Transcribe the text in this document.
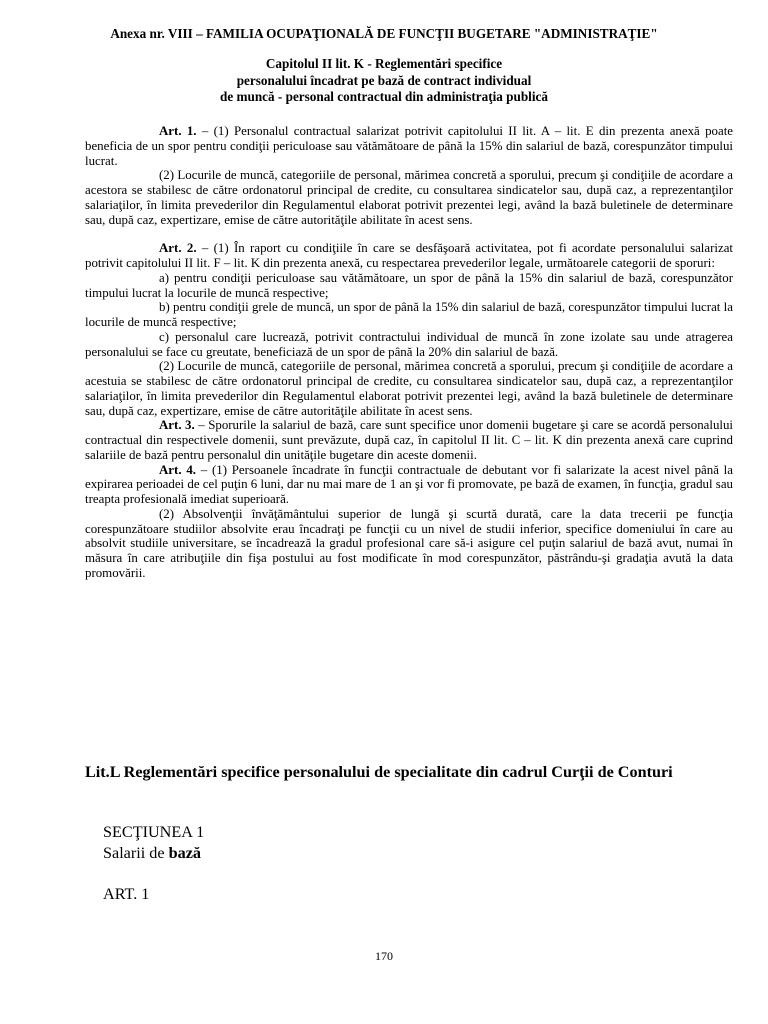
Anexa nr. VIII – FAMILIA OCUPAŢIONALĂ DE FUNCŢII BUGETARE "ADMINISTRAŢIE"
Capitolul II lit. K - Reglementări specifice
personalului încadrat pe bază de contract individual
de muncă - personal contractual din administraţia publică

Art. 1. – (1) Personalul contractual salarizat potrivit capitolului II lit. A – lit. E din prezenta anexă poate beneficia de un spor pentru condiţii periculoase sau vătămătoare de până la 15% din salariul de bază, corespunzător timpului lucrat.

(2) Locurile de muncă, categoriile de personal, mărimea concretă a sporului, precum şi condiţiile de acordare a acestora se stabilesc de către ordonatorul principal de credite, cu consultarea sindicatelor sau, după caz, a reprezentanţilor salariaţilor, în limita prevederilor din Regulamentul elaborat potrivit prezentei legi, având la bază buletinele de determinare sau, după caz, expertizare, emise de către autorităţile abilitate în acest sens.

Art. 2. – (1) În raport cu condiţiile în care se desfăşoară activitatea, pot fi acordate personalului salarizat potrivit capitolului II lit. F – lit. K din prezenta anexă, cu respectarea prevederilor legale, următoarele categorii de sporuri:

a) pentru condiţii periculoase sau vătămătoare, un spor de până la 15% din salariul de bază, corespunzător timpului lucrat la locurile de muncă respective;

b) pentru condiţii grele de muncă, un spor de până la 15% din salariul de bază, corespunzător timpului lucrat la locurile de muncă respective;

c) personalul care lucrează, potrivit contractului individual de muncă în zone izolate sau unde atragerea personalului se face cu greutate, beneficiază de un spor de până la 20% din salariul de bază.

(2) Locurile de muncă, categoriile de personal, mărimea concretă a sporului, precum şi condiţiile de acordare a acestuia se stabilesc de către ordonatorul principal de credite, cu consultarea sindicatelor sau, după caz, a reprezentanţilor salariaţilor, în limita prevederilor din Regulamentul elaborat potrivit prezentei legi, având la bază buletinele de determinare sau, după caz, expertizare, emise de către autorităţile abilitate în acest sens.

Art. 3. – Sporurile la salariul de bază, care sunt specifice unor domenii bugetare şi care se acordă personalului contractual din respectivele domenii, sunt prevăzute, după caz, în capitolul II lit. C – lit. K din prezenta anexă care cuprind salariile de bază pentru personalul din unităţile bugetare din aceste domenii.

Art. 4. – (1) Persoanele încadrate în funcţii contractuale de debutant vor fi salarizate la acest nivel până la expirarea perioadei de cel puţin 6 luni, dar nu mai mare de 1 an şi vor fi promovate, pe bază de examen, în funcţia, gradul sau treapta profesională imediat superioară.

(2) Absolvenţii învăţământului superior de lungă şi scurtă durată, care la data trecerii pe funcţia corespunzătoare studiilor absolvite erau încadraţi pe funcţii cu un nivel de studii inferior, specifice domeniului în care au absolvit studiile universitare, se încadrează la gradul profesional care să-i asigure cel puţin salariul de bază avut, numai în măsura în care atribuţiile din fişa postului au fost modificate în mod corespunzător, păstrându-şi gradaţia avută la data promovării.

Lit.L Reglementări specifice personalului de specialitate din cadrul Curţii de Conturi
SECŢIUNEA 1
Salarii de bază
ART. 1
170
